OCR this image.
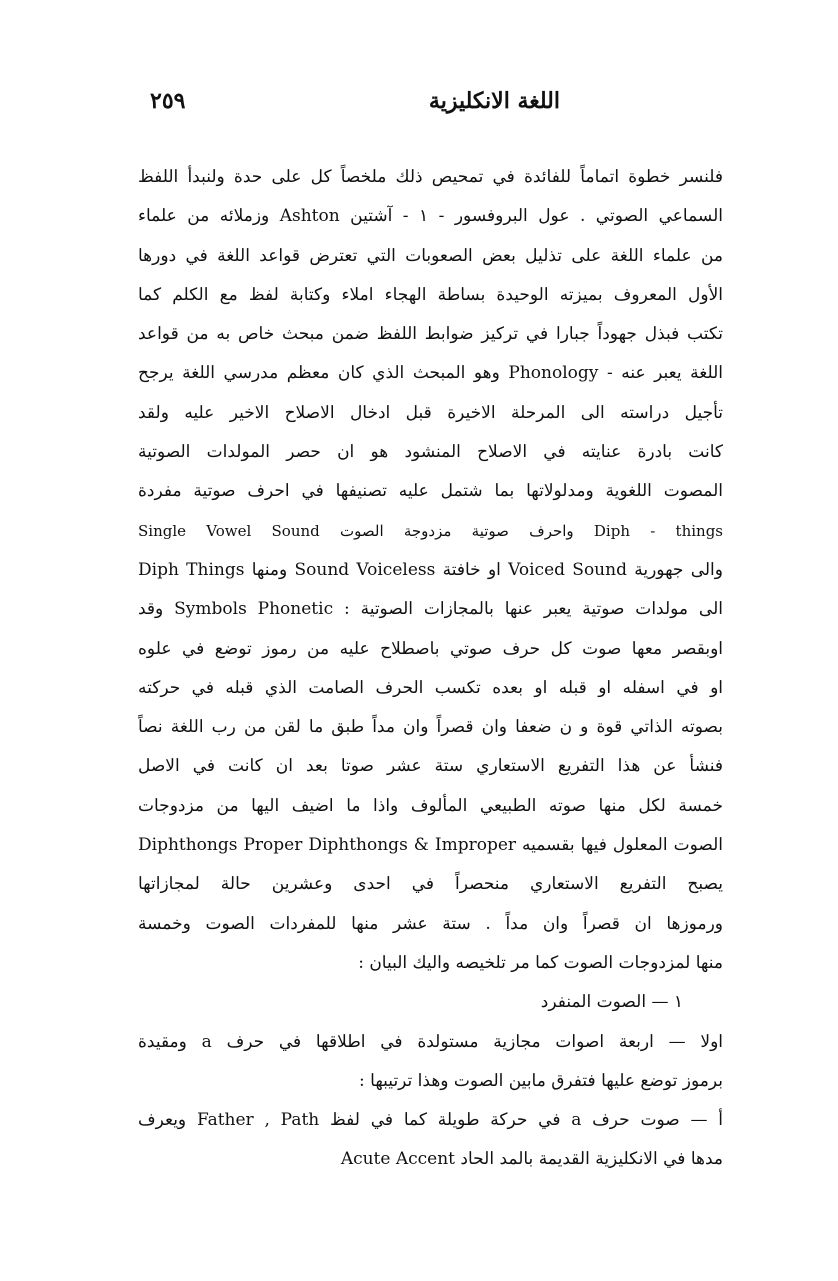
اللغة الانكليزية
٢٥٩
فلنسر خطوة اتماماً للفائدة في تمحيص ذلك ملخصاً كل على حدة ولنبدأ اللفظ
السماعي الصوتي . عول البروفسور - ١ - آشتين Ashton وزملائه من علماء
من علماء اللغة على تذليل بعض الصعوبات التي تعترض قواعد اللغة في دورها
الأول المعروف بميزته الوحيدة بساطة الهجاء املاء وكتابة لفظ مع الكلم كما
تكتب فبذل جهوداً جبارا في تركيز ضوابط اللفظ ضمن مبحث خاص به من قواعد
اللغة يعبر عنه - Phonology وهو المبحث الذي كان معظم مدرسي اللغة يرجح
تأجيل دراسته الى المرحلة الاخيرة قبل ادخال الاصلاح الاخير عليه ولقد
كانت بادرة عنايته في الاصلاح المنشود هو ان حصر المولدات الصوتية
المصوت اللغوية ومدلولاتها بما شتمل عليه تصنيفها في احرف صوتية مفردة
Diph - things واحرف صوتية مزدوجة الصوت Single Vowel Sound
والى جهورية Voiced Sound او خافتة Sound Voiceless ومنها Diph Things
الى مولدات صوتية يعبر عنها بالمجازات الصوتية : Symbols Phonetic وقد
اوبقصر معها صوت كل حرف صوتي باصطلاح عليه من رموز توضع في علوه
او في اسفله او قبله او بعده تكسب الحرف الصامت الذي قبله في حركته
بصوته الذاتي قوة و ن ضعفا وان قصراً وان مداً طبق ما لقن من رب اللغة نصاً
فنشأ عن هذا التفريع الاستعاري ستة عشر صوتا بعد ان كانت في الاصل
خمسة لكل منها صوته الطبيعي المألوف واذا ما اضيف اليها من مزدوجات
الصوت المعلول فيها بقسميه Diphthongs Proper Diphthongs & Improper
يصبح التفريع الاستعاري منحصراً في احدى وعشرين حالة لمجازاتها
ورموزها ان قصراً وان مداً . ستة عشر منها للمفردات الصوت وخمسة
منها لمزدوجات الصوت كما مر تلخيصه واليك البيان :
١ — الصوت المنفرد
اولا — اربعة اصوات مجازية مستولدة في اطلاقها في حرف a ومقيدة
برموز توضع عليها فتفرق مابين الصوت وهذا ترتيبها :
أ — صوت حرف a في حركة طويلة كما في لفظ Father , Path ويعرف
مدها في الانكليزية القديمة بالمد الحاد Acute Accent
